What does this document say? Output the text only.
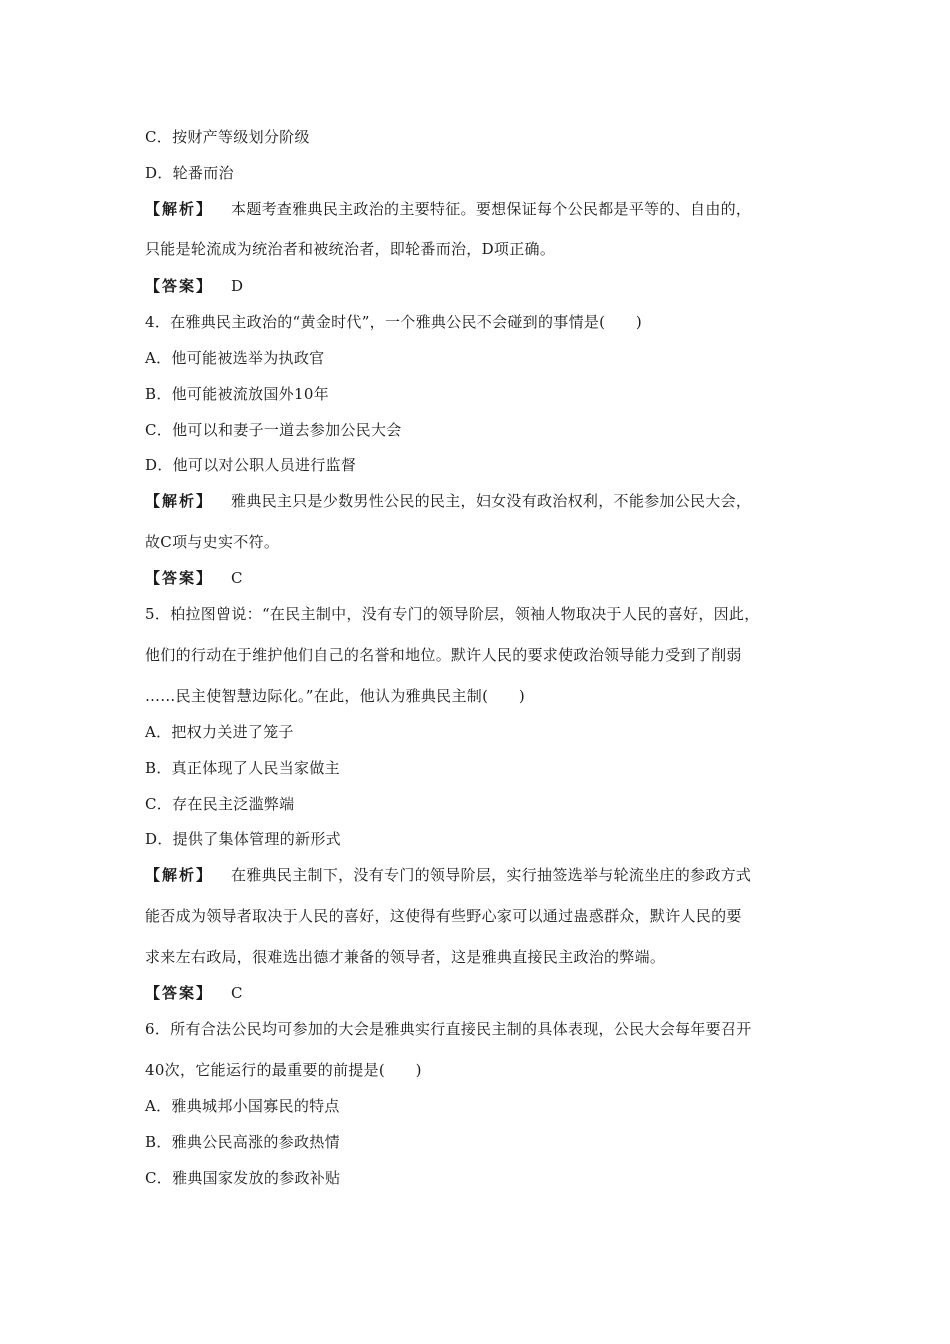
C．按财产等级划分阶级
D．轮番而治
【解析】 本题考查雅典民主政治的主要特征。要想保证每个公民都是平等的、自由的，
只能是轮流成为统治者和被统治者，即轮番而治，D项正确。
【答案】 D
4．在雅典民主政治的“黄金时代”，一个雅典公民不会碰到的事情是(　　)
A．他可能被选举为执政官
B．他可能被流放国外10年
C．他可以和妻子一道去参加公民大会
D．他可以对公职人员进行监督
【解析】 雅典民主只是少数男性公民的民主，妇女没有政治权利，不能参加公民大会，
故C项与史实不符。
【答案】 C
5．柏拉图曾说：“在民主制中，没有专门的领导阶层，领袖人物取决于人民的喜好，因此，
他们的行动在于维护他们自己的名誉和地位。默许人民的要求使政治领导能力受到了削弱
……民主使智慧边际化。”在此，他认为雅典民主制(　　)
A．把权力关进了笼子
B．真正体现了人民当家做主
C．存在民主泛滥弊端
D．提供了集体管理的新形式
【解析】 在雅典民主制下，没有专门的领导阶层，实行抽签选举与轮流坐庄的参政方式
能否成为领导者取决于人民的喜好，这使得有些野心家可以通过蛊惑群众，默许人民的要
求来左右政局，很难选出德才兼备的领导者，这是雅典直接民主政治的弊端。
【答案】 C
6．所有合法公民均可参加的大会是雅典实行直接民主制的具体表现，公民大会每年要召开
40次，它能运行的最重要的前提是(　　)
A．雅典城邦小国寡民的特点
B．雅典公民高涨的参政热情
C．雅典国家发放的参政补贴
